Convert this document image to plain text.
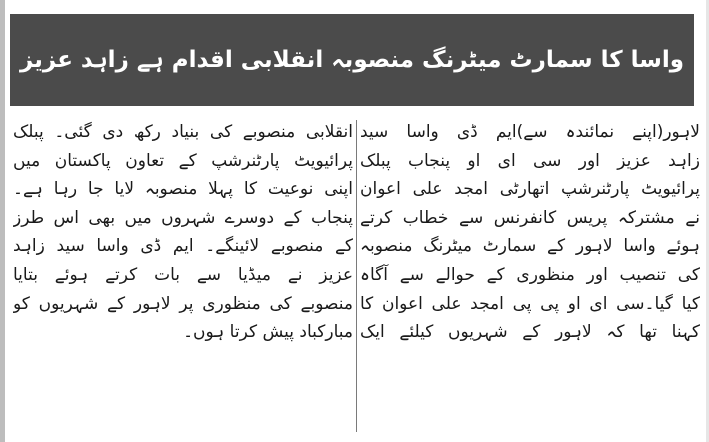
واسا کا سمارٹ میٹرنگ منصوبہ انقلابی اقدام ہے زاہد عزیز
لاہور(اپنے نمائندہ سے)ایم ڈی واسا سید
زاہد عزیز اور سی ای او پنجاب پبلک
پرائیویٹ پارٹنرشپ اتھارٹی امجد علی اعوان
نے مشترکہ پریس کانفرنس سے خطاب کرتے
ہوئے واسا لاہور کے سمارٹ میٹرنگ منصوبہ
کی تنصیب اور منظوری کے حوالے سے آگاہ
کیا گیا۔سی ای او پی پی امجد علی اعوان کا
کہنا تھا کہ لاہور کے شہریوں کیلئے ایک
انقلابی منصوبے کی بنیاد رکھ دی گئی۔ پبلک
پرائیویٹ پارٹنرشپ کے تعاون پاکستان میں
اپنی نوعیت کا پہلا منصوبہ لایا جا رہا ہے۔
پنجاب کے دوسرے شہروں میں بھی اس طرز
کے منصوبے لائینگے۔ ایم ڈی واسا سید زاہد
عزیز نے میڈیا سے بات کرتے ہوئے بتایا
منصوبے کی منظوری پر لاہور کے شہریوں کو
مبارکباد پیش کرتا ہوں۔
